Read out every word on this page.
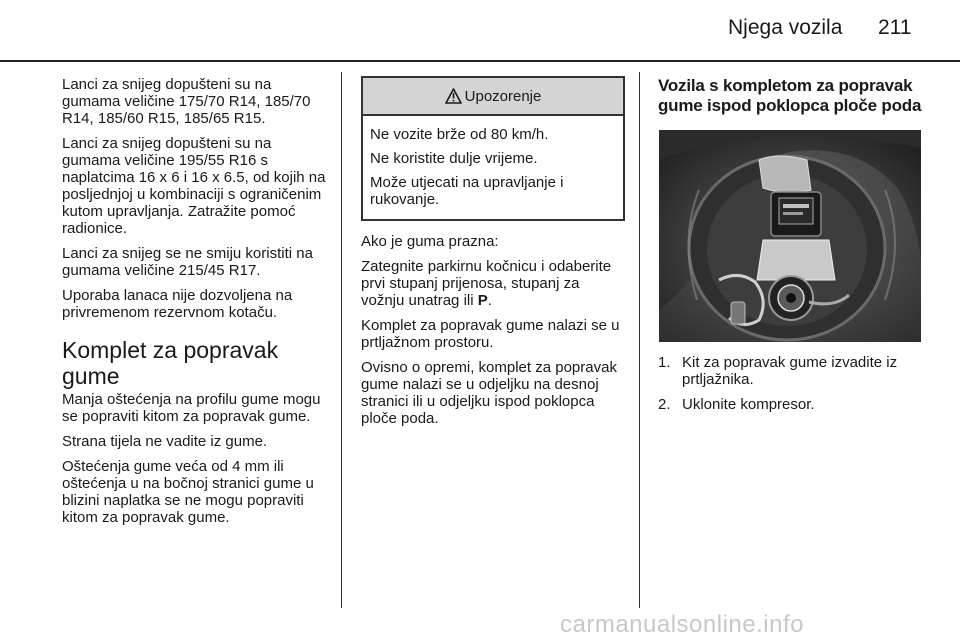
Njega vozila 211

Lanci za snijeg dopušteni su na gumama veličine 175/70 R14, 185/70 R14, 185/60 R15, 185/65 R15.

Lanci za snijeg dopušteni su na gumama veličine 195/55 R16 s naplatcima 16 x 6 i 16 x 6.5, od kojih na posljednjoj u kombinaciji s ograničenim kutom upravljanja. Zatražite pomoć radionice.

Lanci za snijeg se ne smiju koristiti na gumama veličine 215/45 R17.

Uporaba lanaca nije dozvoljena na privremenom rezervnom kotaču.

Komplet za popravak gume

Manja oštećenja na profilu gume mogu se popraviti kitom za popravak gume.

Strana tijela ne vadite iz gume.

Oštećenja gume veća od 4 mm ili oštećenja u na bočnoj stranici gume u blizini naplatka se ne mogu popraviti kitom za popravak gume.

Upozorenje

Ne vozite brže od 80 km/h.

Ne koristite dulje vrijeme.

Može utjecati na upravljanje i rukovanje.

Ako je guma prazna:

Zategnite parkirnu kočnicu i odaberite prvi stupanj prijenosa, stupanj za vožnju unatrag ili P.

Komplet za popravak gume nalazi se u prtljažnom prostoru.

Ovisno o opremi, komplet za popravak gume nalazi se u odjeljku na desnoj stranici ili u odjeljku ispod poklopca ploče poda.

Vozila s kompletom za popravak gume ispod poklopca ploče poda
1. Kit za popravak gume izvadite iz prtljažnika.
2. Uklonite kompresor.
carmanualsonline.info
